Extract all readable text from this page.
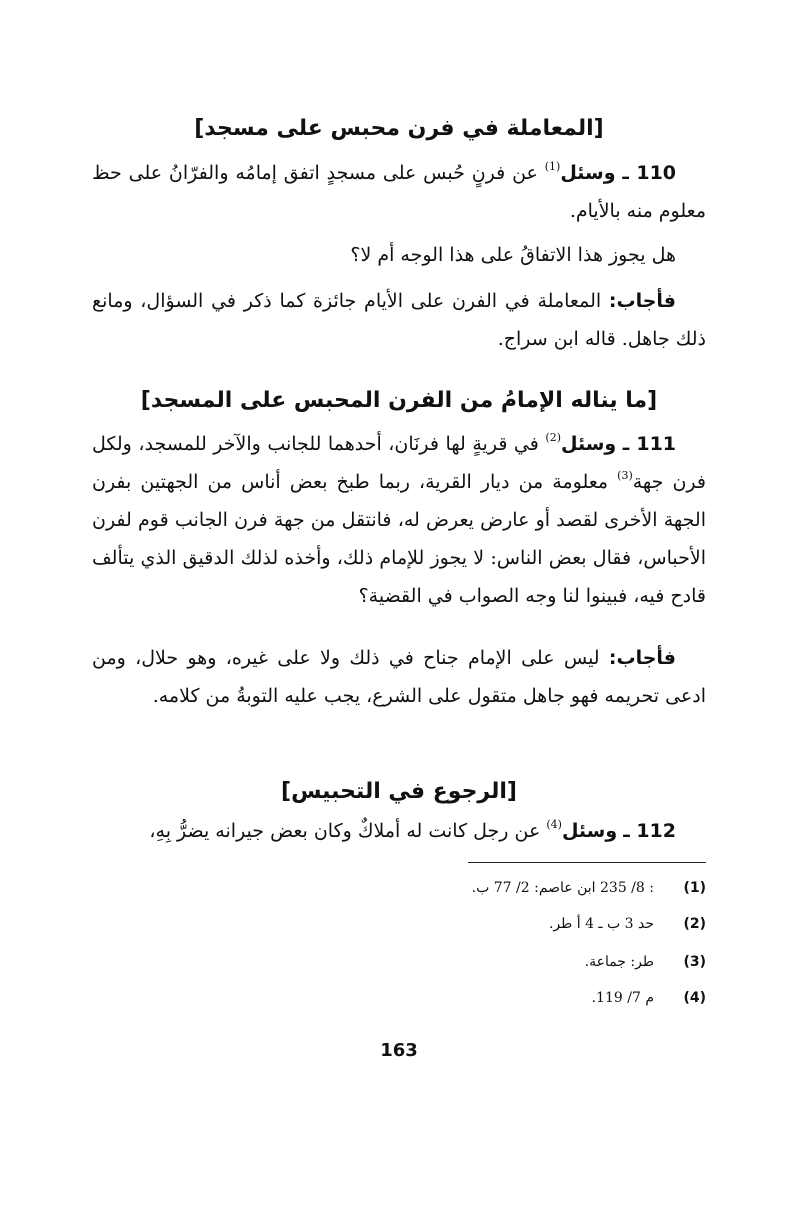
[المعاملة في فرن محبس على مسجد]

110 ـ وسئل$^{(1)}$ عن فرنٍ حُبس على مسجدٍ اتفق إمامُه والفرّانُ على حظ معلوم منه بالأيام.

هل يجوز هذا الاتفاقُ على هذا الوجه أم لا؟

فأجاب: المعاملة في الفرن على الأيام جائزة كما ذكر في السؤال، ومانع ذلك جاهل. قاله ابن سراج.

[ما يناله الإمامُ من الفرن المحبس على المسجد]

111 ـ وسئل$^{(2)}$ في قريةٍ لها فرنَان، أحدهما للجانب والآخر للمسجد، ولكل فرن جهة$^{(3)}$ معلومة من ديار القرية، ربما طبخ بعض أناس من الجهتين بفرن الجهة الأخرى لقصد أو عارض يعرض له، فانتقل من جهة فرن الجانب قوم لفرن الأحباس، فقال بعض الناس: لا يجوز للإمام ذلك، وأخذه لذلك الدقيق الذي يتألف قادح فيه، فبينوا لنا وجه الصواب في القضية؟

فأجاب: ليس على الإمام جناح في ذلك ولا على غيره، وهو حلال، ومن ادعى تحريمه فهو جاهل متقول على الشرع، يجب عليه التوبةُ من كلامه.

[الرجوع في التحبيس]

112 ـ وسئل$^{(4)}$ عن رجل كانت له أملاكٌ وكان بعض جيرانه يضرُّ بِهِ،

(1): 8/ 235 ابن عاصم: 2/ 77 ب.
(2)حد 3 ب ـ 4 أ طر.
(3)طر: جماعة.
(4)م 7/ 119.
163
